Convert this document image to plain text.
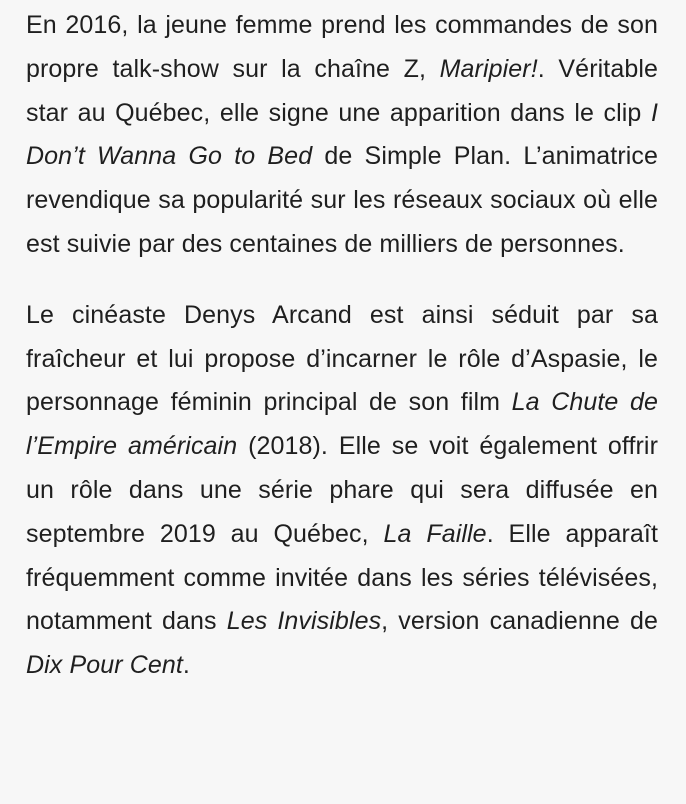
En 2016, la jeune femme prend les commandes de son propre talk-show sur la chaîne Z, Maripier!. Véritable star au Québec, elle signe une apparition dans le clip I Don’t Wanna Go to Bed de Simple Plan. L’animatrice revendique sa popularité sur les réseaux sociaux où elle est suivie par des centaines de milliers de personnes.

Le cinéaste Denys Arcand est ainsi séduit par sa fraîcheur et lui propose d’incarner le rôle d’Aspasie, le personnage féminin principal de son film La Chute de l’Empire américain (2018). Elle se voit également offrir un rôle dans une série phare qui sera diffusée en septembre 2019 au Québec, La Faille. Elle apparaît fréquemment comme invitée dans les séries télévisées, notamment dans Les Invisibles, version canadienne de Dix Pour Cent.
